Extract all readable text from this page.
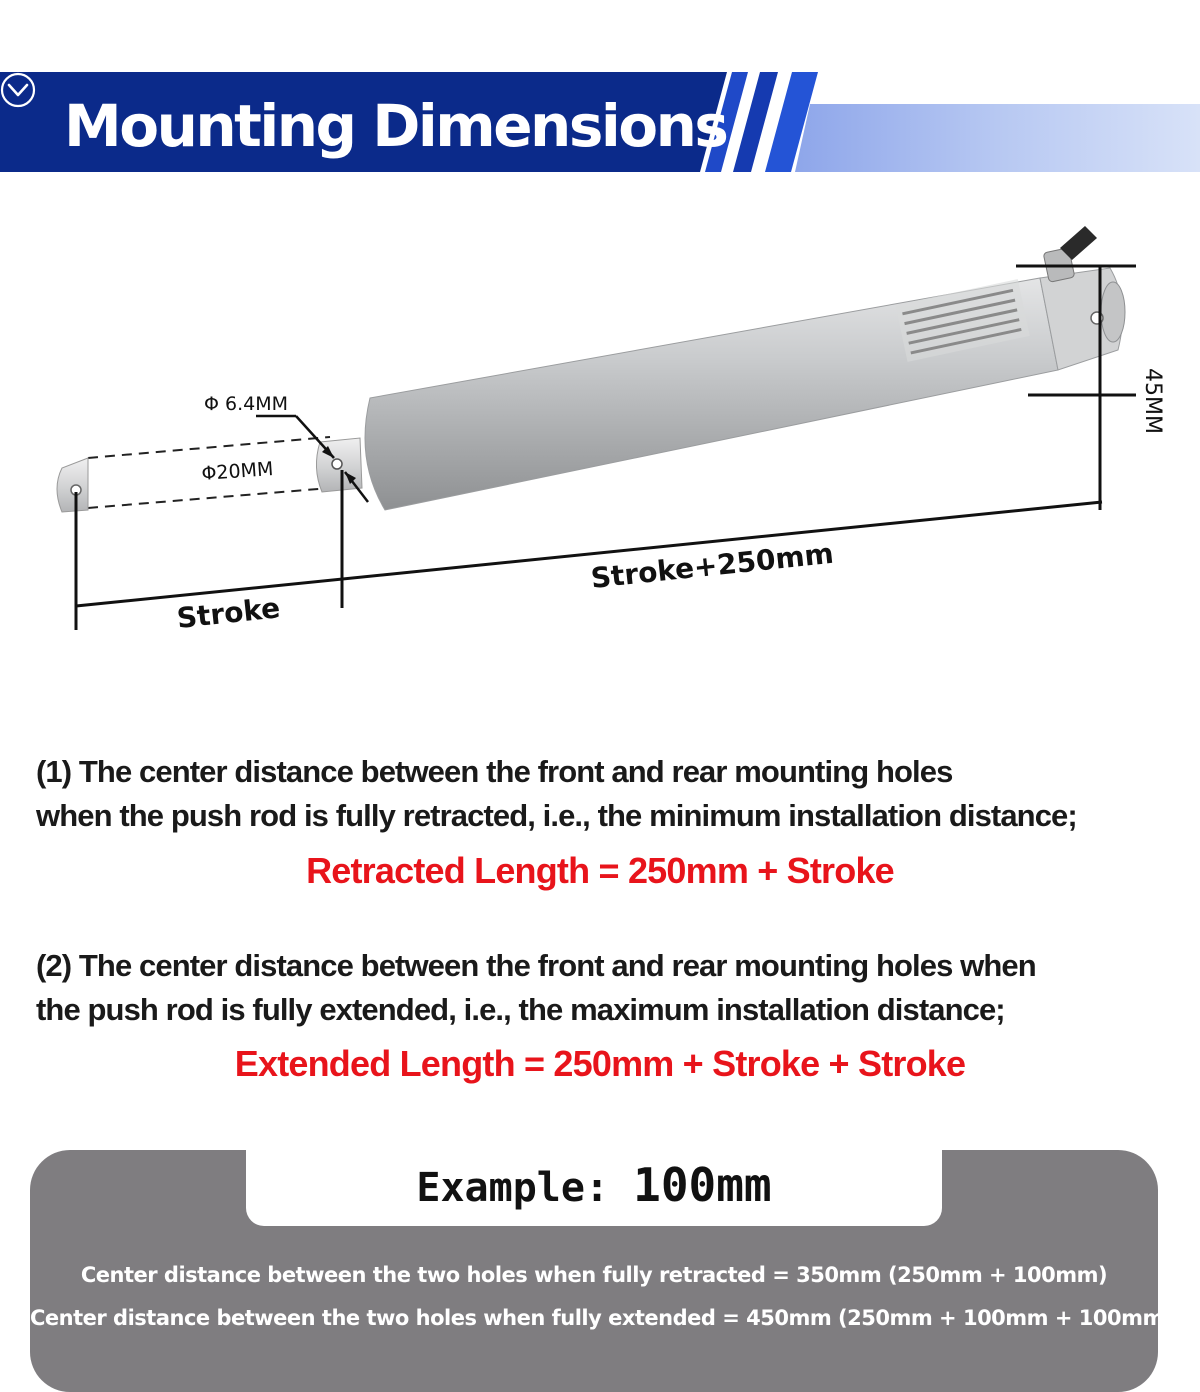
Mounting Dimensions
45MM
Φ 6.4MM
Φ20MM
Stroke
Stroke+250mm

(1) The center distance between the front and rear mounting holes

when the push rod is fully retracted, i.e., the minimum installation distance;

Retracted Length = 250mm + Stroke

(2) The center distance between the front and rear mounting holes when

the push rod is fully extended, i.e., the maximum installation distance;

Extended Length = 250mm + Stroke + Stroke

Example: 100mm
Center distance between the two holes when fully retracted = 350mm (250mm + 100mm)
Center distance between the two holes when fully extended = 450mm (250mm + 100mm + 100mm)
